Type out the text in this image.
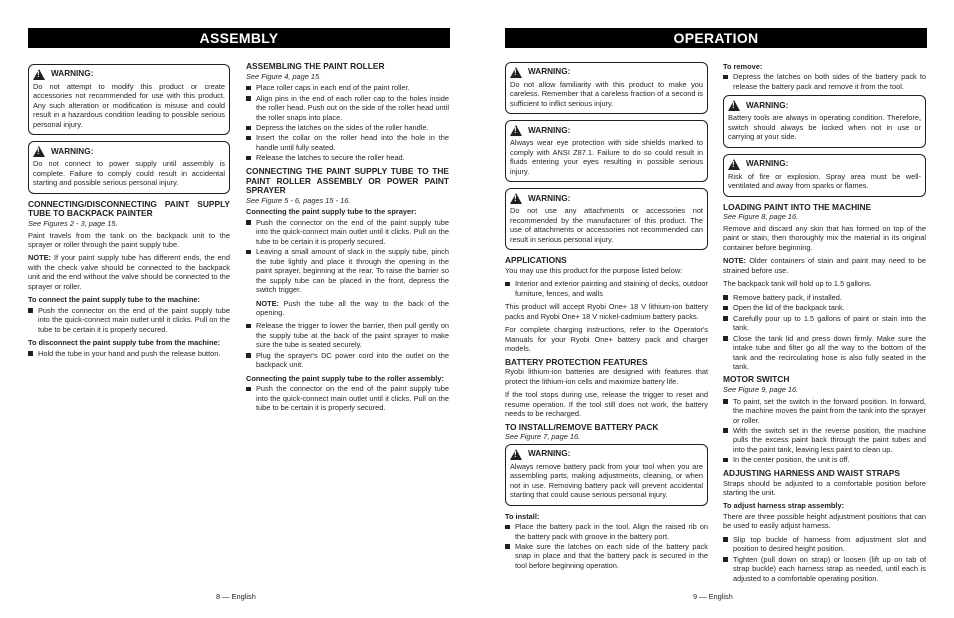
ASSEMBLY	OPERATION
!
WARNING:
Do not attempt to modify this product or create accessories not recommended for use with this product. Any such alteration or modification is misuse and could result in a hazardous condition leading to possible serious personal injury.
!
WARNING:
Do not connect to power supply until assembly is complete. Failure to comply could result in accidental starting and possible serious personal injury.
CONNECTING/DISCONNECTING PAINT SUPPLY TUBE TO BACKPACK PAINTER
See Figures 2 - 3, page 15.

Paint travels from the tank on the backpack unit to the sprayer or roller through the paint supply tube.

NOTE: If your paint supply tube has different ends, the end with the check valve should be connected to the backpack unit and the end without the valve should be connected to the sprayer or roller.

To connect the paint supply tube to the machine:
Push the connector on the end of the paint supply tube into the quick-connect main outlet until it clicks. Pull on the tube to be certain it is properly secured.
To disconnect the paint supply tube from the machine:
Hold the tube in your hand and push the release button.
ASSEMBLING THE PAINT ROLLER
See Figure 4, page 15.
Place roller caps in each end of the paint roller.
Align pins in the end of each roller cap to the holes inside the roller head. Push out on the side of the roller head until the roller snaps into place.
Depress the latches on the sides of the roller handle.
Insert the collar on the roller head into the hole in the handle until fully seated.
Release the latches to secure the roller head.
CONNECTING THE PAINT SUPPLY TUBE TO THE PAINT ROLLER ASSEMBLY OR POWER PAINT SPRAYER
See Figure 5 - 6, pages 15 - 16.
Connecting the paint supply tube to the sprayer:
Push the connector on the end of the paint supply tube into the quick-connect main outlet until it clicks. Pull on the tube to be certain it is properly secured.
Leaving a small amount of slack in the supply tube, pinch the tube lightly and place it through the opening in the paint sprayer, beginning at the rear. To raise the barrier so the supply tube can be placed in the front, depress the switch trigger.

NOTE: Push the tube all the way to the back of the opening.

Release the trigger to lower the barrier, then pull gently on the supply tube at the back of the paint sprayer to make sure the tube is seated securely.
Plug the sprayer's DC power cord into the outlet on the backpack unit.
Connecting the paint supply tube to the roller assembly:
Push the connector on the end of the paint supply tube into the quick-connect main outlet until it clicks. Pull on the tube to be certain it is properly secured.
!
WARNING:
Do not allow familiarity with this product to make you careless. Remember that a careless fraction of a second is sufficient to inflict serious injury.
!
WARNING:
Always wear eye protection with side shields marked to comply with ANSI Z87.1. Failure to do so could result in fluids entering your eyes resulting in possible serious injury.
!
WARNING:
Do not use any attachments or accessories not recommended by the manufacturer of this product. The use of attachments or accessories not recommended can result in serious personal injury.
APPLICATIONS

You may use this product for the purpose listed below:

Interior and exterior painting and staining of decks, outdoor furniture, fences, and walls

This product will accept Ryobi One+ 18 V lithium-ion battery packs and Ryobi One+ 18 V nickel-cadmium battery packs.

For complete charging instructions, refer to the Operator's Manuals for your Ryobi One+ battery pack and charger models.

BATTERY PROTECTION FEATURES

Ryobi lithium-ion batteries are designed with features that protect the lithium-ion cells and maximize battery life.

If the tool stops during use, release the trigger to reset and resume operation. If the tool still does not work, the battery needs to be recharged.

TO INSTALL/REMOVE BATTERY PACK
See Figure 7, page 16.
!
WARNING:
Always remove battery pack from your tool when you are assembling parts, making adjustments, cleaning, or when not in use. Removing battery pack will prevent accidental starting that could cause serious personal injury.
To install:
Place the battery pack in the tool. Align the raised rib on the battery pack with groove in the battery port.
Make sure the latches on each side of the battery pack snap in place and that the battery pack is secured in the tool before beginning operation.
To remove:
Depress the latches on both sides of the battery pack to release the battery pack and remove it from the tool.
!
WARNING:
Battery tools are always in operating condition. Therefore, switch should always be locked when not in use or carrying at your side.
!
WARNING:
Risk of fire or explosion. Spray area must be well-ventilated and away from sparks or flames.
LOADING PAINT INTO THE MACHINE
See Figure 8, page 16.

Remove and discard any skin that has formed on top of the paint or stain, then thoroughly mix the material in its original container before beginning.

NOTE: Older containers of stain and paint may need to be strained before use.

The backpack tank will hold up to 1.5 gallons.

Remove battery pack, if installed.
Open the lid of the backpack tank.
Carefully pour up to 1.5 gallons of paint or stain into the tank.
Close the tank lid and press down firmly. Make sure the intake tube and filter go all the way to the bottom of the tank and the recirculating hose is also fully seated in the tank.
MOTOR SWITCH
See Figure 9, page 16.
To paint, set the switch in the forward position. In forward, the machine moves the paint from the tank into the sprayer or roller.
With the switch set in the reverse position, the machine pulls the excess paint back through the paint tubes and into the paint tank, leaving less paint to clean up.
In the center position, the unit is off.
ADJUSTING HARNESS AND WAIST STRAPS

Straps should be adjusted to a comfortable position before starting the unit.

To adjust harness strap assembly:

There are three possible height adjustment positions that can be used to easily adjust harness.

Slip top buckle of harness from adjustment slot and position to desired height position.
Tighten (pull down on strap) or loosen (lift up on tab of strap buckle) each harness strap as needed, until each is adjusted to a comfortable operating position.
8 — English	9 — English
